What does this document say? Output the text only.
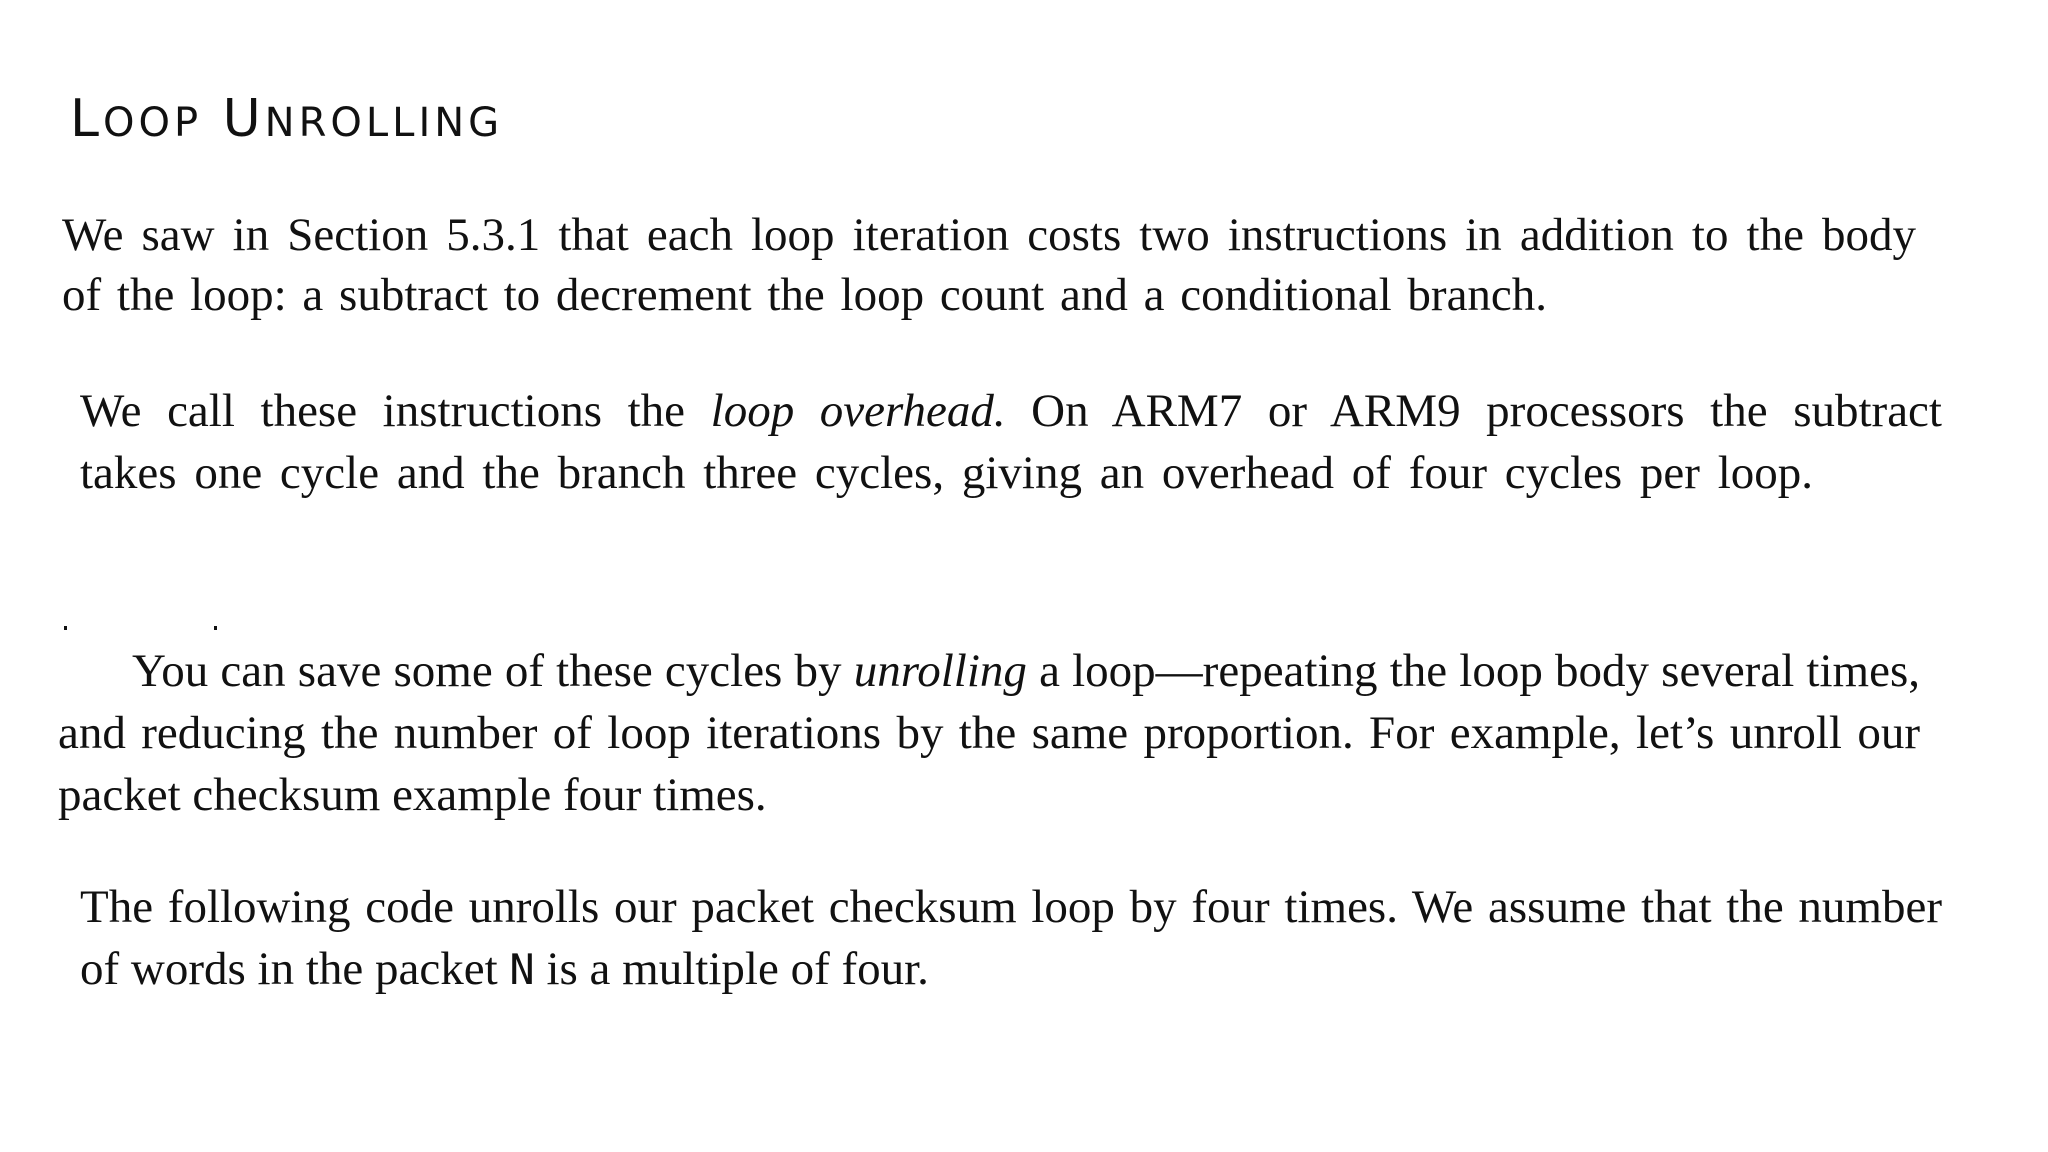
LOOP UNROLLING

We saw in Section 5.3.1 that each loop iteration costs two instructions in addition to the body of the loop: a subtract to decrement the loop count and a conditional branch.

We call these instructions the loop overhead. On ARM7 or ARM9 processors the subtract takes one cycle and the branch three cycles, giving an overhead of four cycles per loop.

You can save some of these cycles by unrolling a loop—repeating the loop body several times, and reducing the number of loop iterations by the same proportion. For example, let’s unroll our packet checksum example four times.

The following code unrolls our packet checksum loop by four times. We assume that the number of words in the packet N is a multiple of four.
